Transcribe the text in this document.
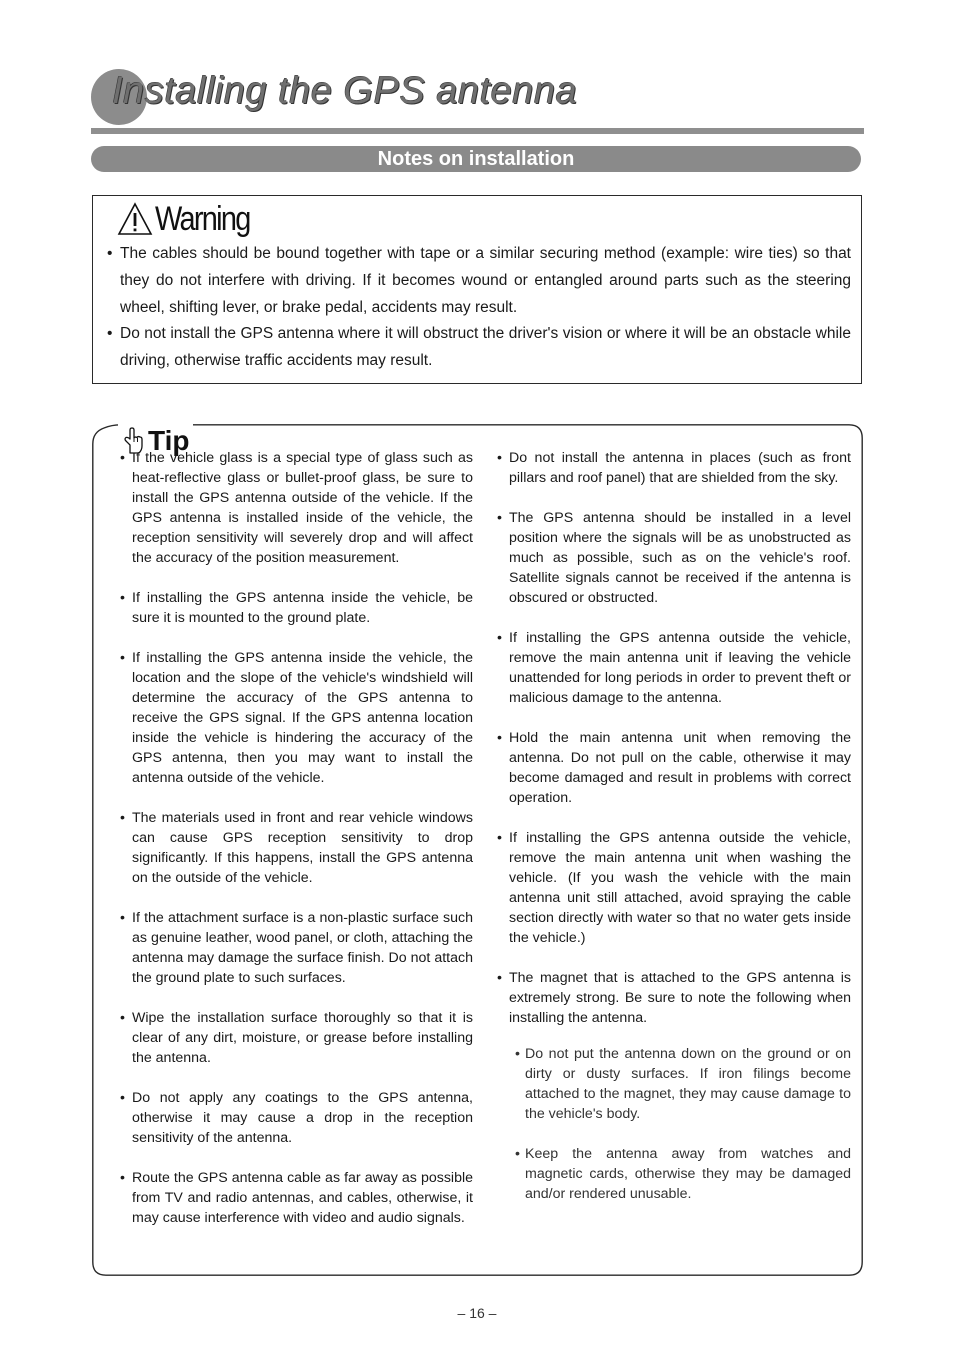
Installing the GPS antenna
Notes on installation
Warning
• The cables should be bound together with tape or a similar securing method (example: wire ties) so that they do not interfere with driving. If it becomes wound or entangled around parts such as the steering wheel, shifting lever, or brake pedal, accidents may result.
• Do not install the GPS antenna where it will obstruct the driver's vision or where it will be an obstacle while driving, otherwise traffic accidents may result.
Tip
• If the vehicle glass is a special type of glass such as heat-reflective glass or bullet-proof glass, be sure to install the GPS antenna outside of the vehicle. If the GPS antenna is installed inside of the vehicle, the reception sensitivity will severely drop and will affect the accuracy of the position measurement.
• If installing the GPS antenna inside the vehicle, be sure it is mounted to the ground plate.
• If installing the GPS antenna inside the vehicle, the location and the slope of the vehicle's windshield will determine the accuracy of the GPS antenna to receive the GPS signal. If the GPS antenna location inside the vehicle is hindering the accuracy of the GPS antenna, then you may want to install the antenna outside of the vehicle.
• The materials used in front and rear vehicle windows can cause GPS reception sensitivity to drop significantly. If this happens, install the GPS antenna on the outside of the vehicle.
• If the attachment surface is a non-plastic surface such as genuine leather, wood panel, or cloth, attaching the antenna may damage the surface finish. Do not attach the ground plate to such surfaces.
• Wipe the installation surface thoroughly so that it is clear of any dirt, moisture, or grease before installing the antenna.
• Do not apply any coatings to the GPS antenna, otherwise it may cause a drop in the reception sensitivity of the antenna.
• Route the GPS antenna cable as far away as possible from TV and radio antennas, and cables, otherwise, it may cause interference with video and audio signals.
• Do not install the antenna in places (such as front pillars and roof panel) that are shielded from the sky.
• The GPS antenna should be installed in a level position where the signals will be as unobstructed as much as possible, such as on the vehicle's roof. Satellite signals cannot be received if the antenna is obscured or obstructed.
• If installing the GPS antenna outside the vehicle, remove the main antenna unit if leaving the vehicle unattended for long periods in order to prevent theft or malicious damage to the antenna.
• Hold the main antenna unit when removing the antenna. Do not pull on the cable, otherwise it may become damaged and result in problems with correct operation.
• If installing the GPS antenna outside the vehicle, remove the main antenna unit when washing the vehicle. (If you wash the vehicle with the main antenna unit still attached, avoid spraying the cable section directly with water so that no water gets inside the vehicle.)
• The magnet that is attached to the GPS antenna is extremely strong. Be sure to note the following when installing the antenna.
• Do not put the antenna down on the ground or on dirty or dusty surfaces. If iron filings become attached to the magnet, they may cause damage to the vehicle's body.
• Keep the antenna away from watches and magnetic cards, otherwise they may be damaged and/or rendered unusable.
– 16 –
